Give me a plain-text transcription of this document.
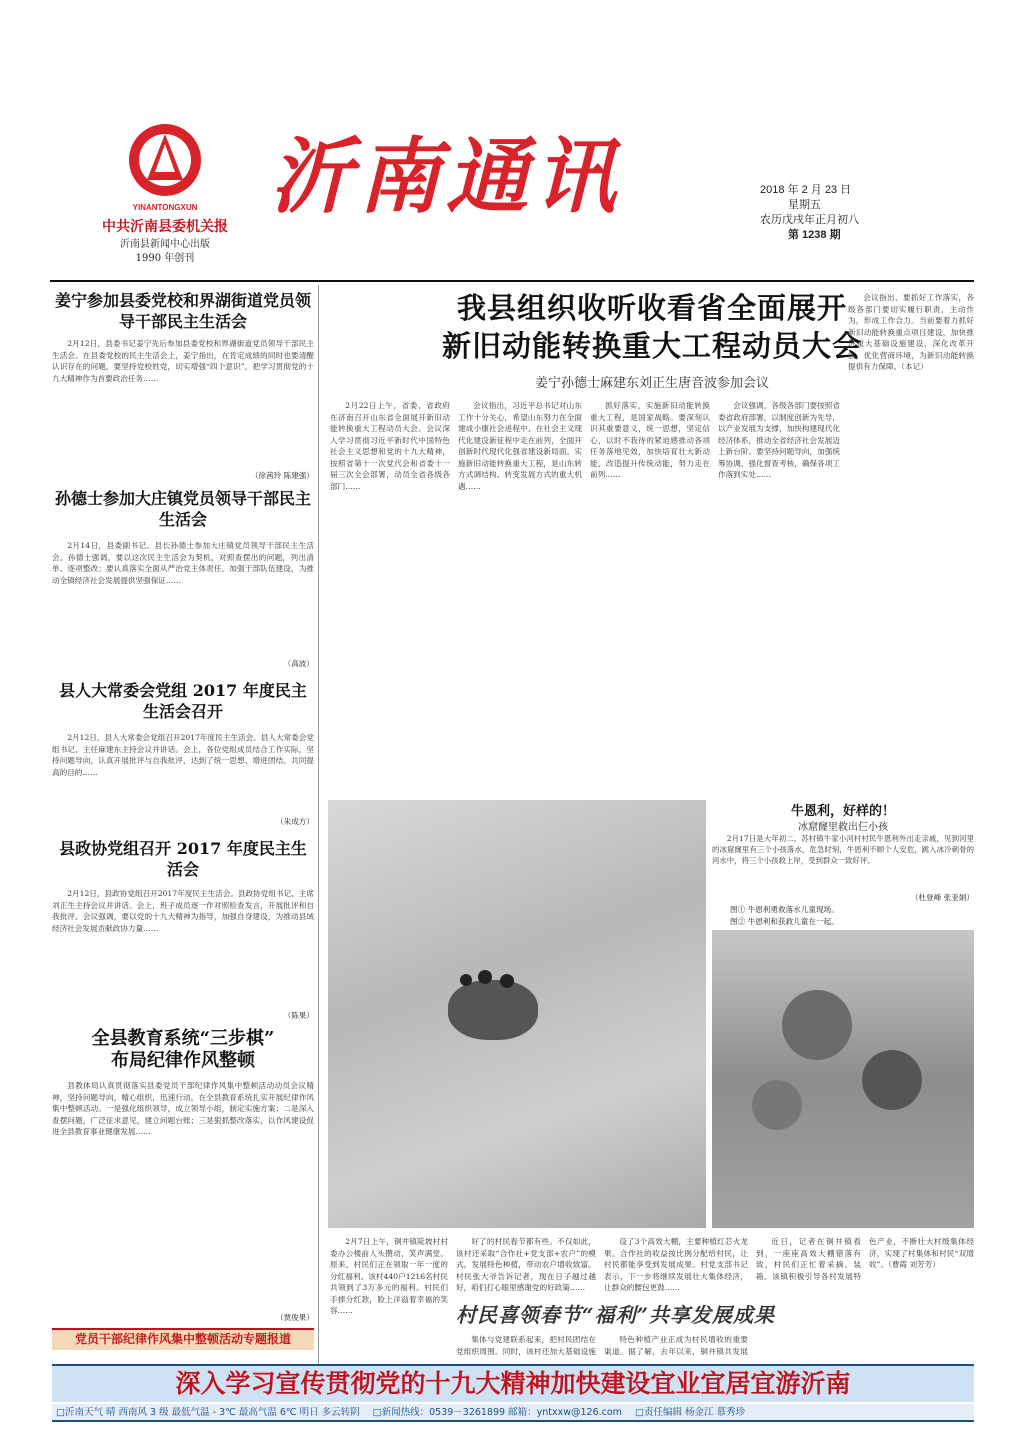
YINANTONGXUN
中共沂南县委机关报
沂南县新闻中心出版
1990 年创刊
沂南通讯	2018 年 2 月 23 日
星期五
农历戊戌年正月初八
第 1238 期
姜宁参加县委党校和界湖街道党员领导干部民主生活会

2月12日，县委书记姜宁先后参加县委党校和界湖街道党员领导干部民主生活会。在县委党校的民主生活会上，姜宁指出，在肯定成绩的同时也要清醒认识存在的问题，要坚持党校姓党，切实增强“四个意识”，把学习贯彻党的十九大精神作为首要政治任务……

（徐茜玲 陈建强）
孙德士参加大庄镇党员领导干部民主生活会

2月14日，县委副书记、县长孙德士参加大庄镇党员领导干部民主生活会。孙德士强调，要以这次民主生活会为契机，对照查摆出的问题，列出清单、逐项整改；要认真落实全面从严治党主体责任，加强干部队伍建设，为推动全镇经济社会发展提供坚强保证……

（高波）
县人大常委会党组 2017 年度民主生活会召开

2月12日，县人大常委会党组召开2017年度民主生活会。县人大常委会党组书记、主任麻建东主持会议并讲话。会上，各位党组成员结合工作实际，坚持问题导向，认真开展批评与自我批评，达到了统一思想、增进团结、共同提高的目的……

（朱成方）
县政协党组召开 2017 年度民主生活会

2月12日，县政协党组召开2017年度民主生活会。县政协党组书记、主席刘正生主持会议并讲话。会上，班子成员逐一作对照检查发言，开展批评和自我批评。会议强调，要以党的十九大精神为指导，加强自身建设，为推动县域经济社会发展贡献政协力量……

（陈果）
全县教育系统“三步棋”
布局纪律作风整顿

县教体局认真贯彻落实县委党员干部纪律作风集中整顿活动动员会议精神，坚持问题导向，精心组织，迅速行动，在全县教育系统扎实开展纪律作风集中整顿活动。一是强化组织领导，成立领导小组，制定实施方案；二是深入查摆问题，广泛征求意见，建立问题台账；三是狠抓整改落实，以作风建设促进全县教育事业健康发展……

（贾俊果）
党员干部纪律作风集中整顿活动专题报道
我县组织收听收看省全面展开
新旧动能转换重大工程动员大会
姜宁孙德士麻建东刘正生唐音波参加会议

2月22日上午，省委、省政府在济南召开山东省全面展开新旧动能转换重大工程动员大会。会议深入学习贯彻习近平新时代中国特色社会主义思想和党的十九大精神，按照省第十一次党代会和省委十一届三次全会部署，动员全省各级各部门……

会议指出，习近平总书记对山东工作十分关心，希望山东努力在全面建成小康社会进程中、在社会主义现代化建设新征程中走在前列，全面开创新时代现代化强省建设新局面。实施新旧动能转换重大工程，是山东转方式调结构、转变发展方式的重大机遇……

抓好落实，实施新旧动能转换重大工程，是国家战略。要深刻认识其重要意义，统一思想，坚定信心，以时不我待的紧迫感推动各项任务落地见效，加快培育壮大新动能，改造提升传统动能，努力走在前列……

会议强调，各级各部门要按照省委省政府部署，以制度创新为先导，以产业发展为支撑，加快构建现代化经济体系，推动全省经济社会发展迈上新台阶。要坚持问题导向，加强统筹协调，强化督查考核，确保各项工作落到实处……

会议指出，要抓好工作落实，各级各部门要切实履行职责，主动作为，形成工作合力。当前要着力抓好新旧动能转换重点项目建设，加快推进重大基础设施建设，深化改革开放，优化营商环境，为新旧动能转换提供有力保障。（本记）

牛恩利，好样的！
冰窟窿里救出仨小孩

2月17日是大年初二，苏村镇牛家小河村村民牛恩利外出走亲戚，见到河里的冰窟窿里有三个小孩落水，危急时刻，牛恩利不顾个人安危，跳入冰冷刺骨的河水中，将三个小孩救上岸，受到群众一致好评。

（杜登峰 张亚娟）
图① 牛恩利勇救落水儿童现场。
图② 牛恩利和获救儿童在一起。

2月7日上午，铜井镇陡坡村村委办公楼前人头攒动，笑声满堂。原来，村民们正在领取一年一度的分红福利。该村440户1216名村民共领到了3万多元的福利。村民们手捧分红款，脸上洋溢着幸福的笑容……

好了的村民春节都有些。不仅如此，该村还采取“合作社+党支部+农户”的模式，发展特色种植，带动农户增收致富。村民张大爷告诉记者，现在日子越过越好，咱们打心眼里感谢党的好政策……

设了3个高效大棚，主要种植红芯火龙果。合作社的收益按比例分配给村民，让村民都能享受到发展成果。村党支部书记表示，下一步将继续发展壮大集体经济，让群众的腰包更鼓……

近日，记者在铜井镇看到，一座座高效大棚错落有致，村民们正忙着采摘、装箱。该镇积极引导各村发展特色产业，不断壮大村级集体经济，实现了村集体和村民“双增收”。（曹霞 刘芳芳）

村民喜领春节“福利”共享发展成果

集体与党建联系起来，把村民团结在党组织周围。同时，该村还加大基础设施

特色种植产业正成为村民增收的重要渠道。据了解，去年以来，铜井镇共发展

深入学习宣传贯彻党的十九大精神加快建设宜业宜居宜游沂南
□沂南天气 晴 西南风 3 级 最低气温 - 3℃ 最高气温 6℃ 明日 多云转阴 □新闻热线：0539－3261899 邮箱：yntxxw@126.com □责任编辑 杨金江 慕秀珍
